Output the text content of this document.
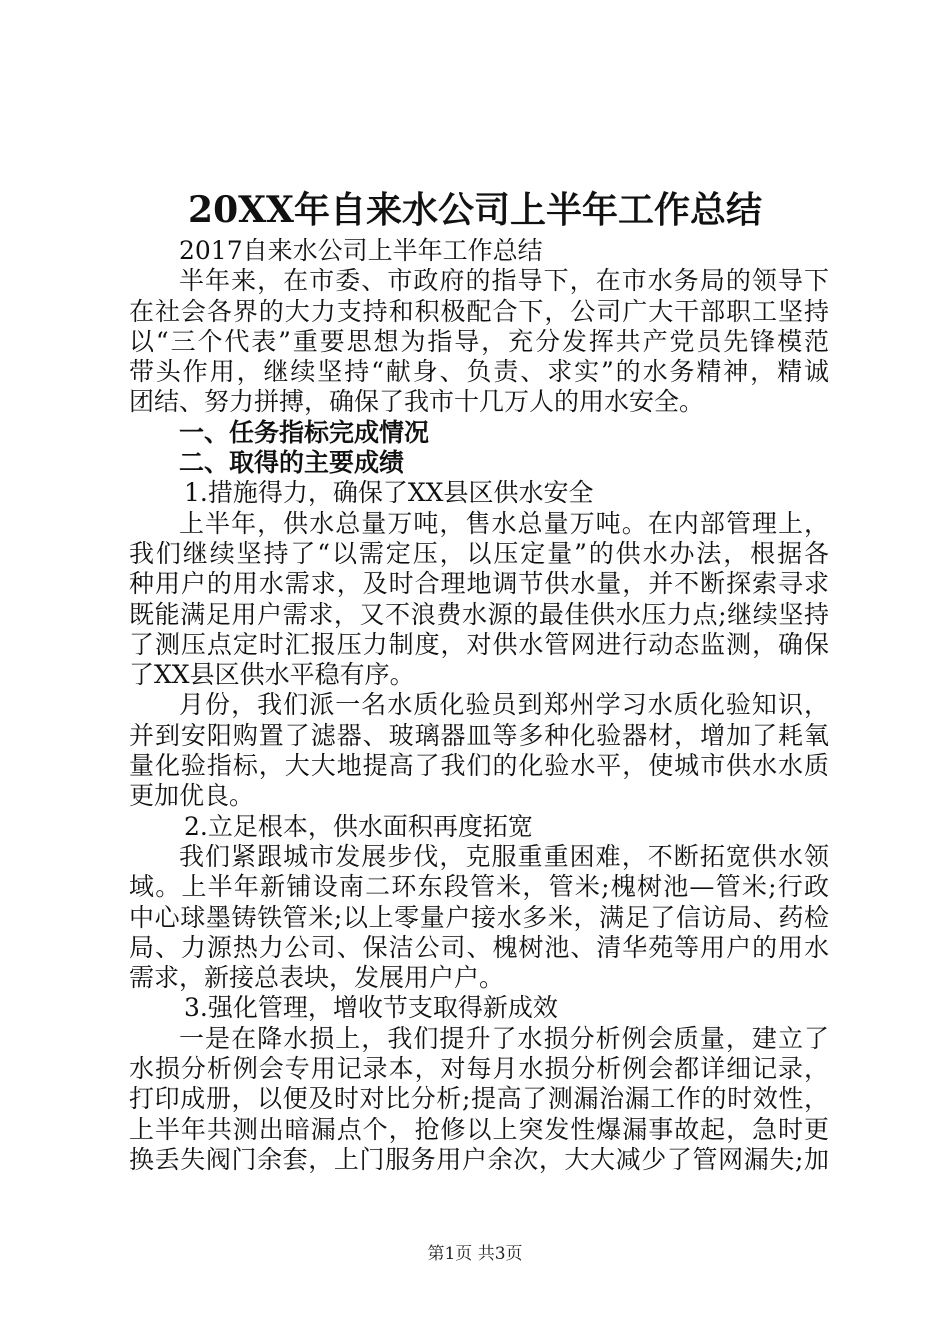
20XX年自来水公司上半年工作总结
2017自来水公司上半年工作总结
半年来，在市委、市政府的指导下，在市水务局的领导下
在社会各界的大力支持和积极配合下，公司广大干部职工坚持
以“三个代表”重要思想为指导，充分发挥共产党员先锋模范
带头作用，继续坚持“献身、负责、求实”的水务精神，精诚
团结、努力拼搏，确保了我市十几万人的用水安全。
一、任务指标完成情况
二、取得的主要成绩
1.措施得力，确保了XX县区供水安全
上半年，供水总量万吨，售水总量万吨。在内部管理上，
我们继续坚持了“以需定压，以压定量”的供水办法，根据各
种用户的用水需求，及时合理地调节供水量，并不断探索寻求
既能满足用户需求，又不浪费水源的最佳供水压力点;继续坚持
了测压点定时汇报压力制度，对供水管网进行动态监测，确保
了XX县区供水平稳有序。
月份，我们派一名水质化验员到郑州学习水质化验知识，
并到安阳购置了滤器、玻璃器皿等多种化验器材，增加了耗氧
量化验指标，大大地提高了我们的化验水平，使城市供水水质
更加优良。
2.立足根本，供水面积再度拓宽
我们紧跟城市发展步伐，克服重重困难，不断拓宽供水领
域。上半年新铺设南二环东段管米，管米;槐树池—管米;行政
中心球墨铸铁管米;以上零量户接水多米，满足了信访局、药检
局、力源热力公司、保洁公司、槐树池、清华苑等用户的用水
需求，新接总表块，发展用户户。
3.强化管理，增收节支取得新成效
一是在降水损上，我们提升了水损分析例会质量，建立了
水损分析例会专用记录本，对每月水损分析例会都详细记录，
打印成册，以便及时对比分析;提高了测漏治漏工作的时效性，
上半年共测出暗漏点个，抢修以上突发性爆漏事故起，急时更
换丢失阀门余套，上门服务用户余次，大大减少了管网漏失;加
第1页 共3页
